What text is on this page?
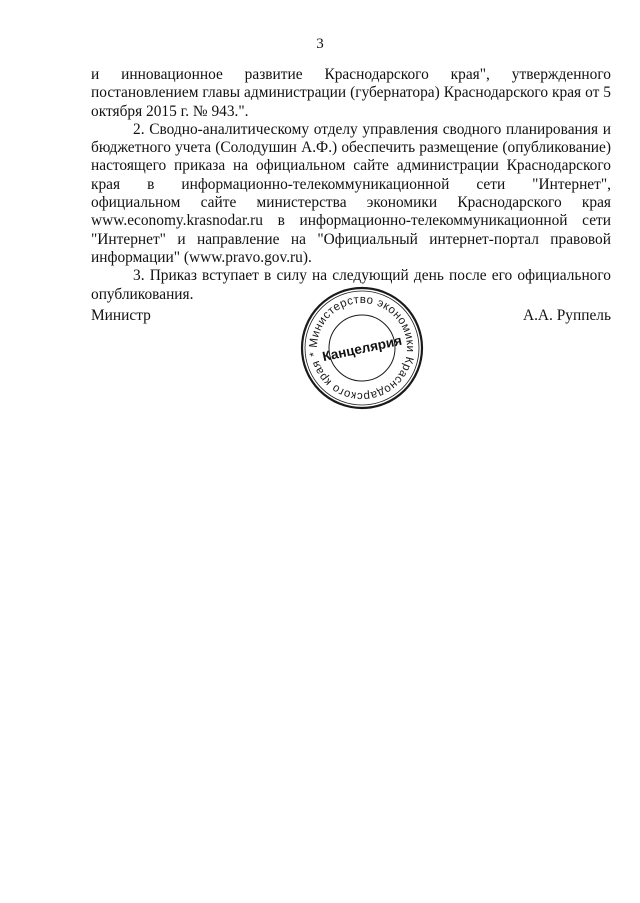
3

и инновационное развитие Краснодарского края", утвержденного

постановлением главы администрации (губернатора) Краснодарского края от 5 октября 2015 г. № 943.".

2. Сводно-аналитическому отделу управления сводного планирования и бюджетного учета (Солодушин А.Ф.) обеспечить размещение (опубликование) настоящего приказа на официальном сайте администрации Краснодарского края в информационно-телекоммуникационной сети "Интернет", официальном сайте министерства экономики Краснодарского края www.economy.krasnodar.ru в информационно-телекоммуникационной сети "Интернет" и направление на "Официальный интернет-портал правовой информации" (www.pravo.gov.ru).

3. Приказ вступает в силу на следующий день после его официального опубликования.

Министр	А.А. Руппель
Министерство экономики Краснодарского края * Канцелярия
